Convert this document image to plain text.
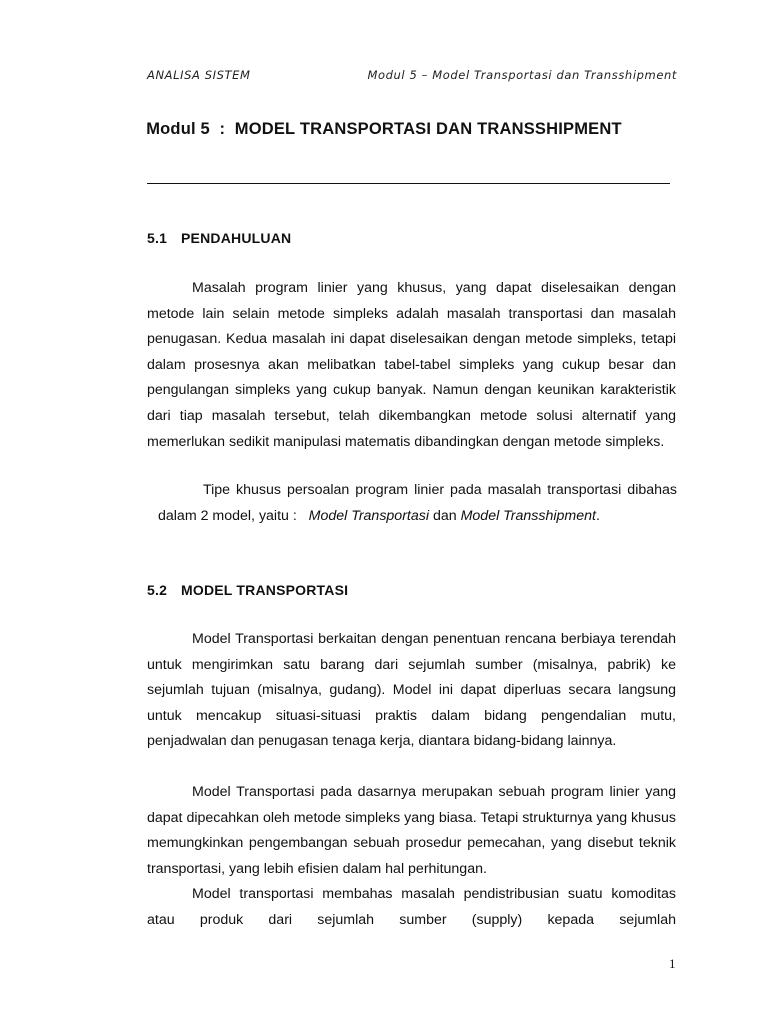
ANALISA SISTEM	Modul 5 – Model Transportasi dan Transshipment
Modul 5  :  MODEL TRANSPORTASI DAN TRANSSHIPMENT
5.1 PENDAHULUAN

Masalah program linier yang khusus, yang dapat diselesaikan dengan metode lain selain metode simpleks adalah masalah transportasi dan masalah penugasan. Kedua masalah ini dapat diselesaikan dengan metode simpleks, tetapi dalam prosesnya akan melibatkan tabel-tabel simpleks yang cukup besar dan pengulangan simpleks yang cukup banyak. Namun dengan keunikan karakteristik dari tiap masalah tersebut, telah dikembangkan metode solusi alternatif yang memerlukan sedikit manipulasi matematis dibandingkan dengan metode simpleks.

Tipe khusus persoalan program linier pada masalah transportasi dibahas dalam 2 model, yaitu : Model Transportasi dan Model Transshipment.

5.2 MODEL TRANSPORTASI

Model Transportasi berkaitan dengan penentuan rencana berbiaya terendah untuk mengirimkan satu barang dari sejumlah sumber (misalnya, pabrik) ke sejumlah tujuan (misalnya, gudang). Model ini dapat diperluas secara langsung untuk mencakup situasi-situasi praktis dalam bidang pengendalian mutu, penjadwalan dan penugasan tenaga kerja, diantara bidang-bidang lainnya.

Model Transportasi pada dasarnya merupakan sebuah program linier yang dapat dipecahkan oleh metode simpleks yang biasa. Tetapi strukturnya yang khusus memungkinkan pengembangan sebuah prosedur pemecahan, yang disebut teknik transportasi, yang lebih efisien dalam hal perhitungan.

Model transportasi membahas masalah pendistribusian suatu komoditas atau produk dari sejumlah sumber (supply) kepada sejumlah

1
